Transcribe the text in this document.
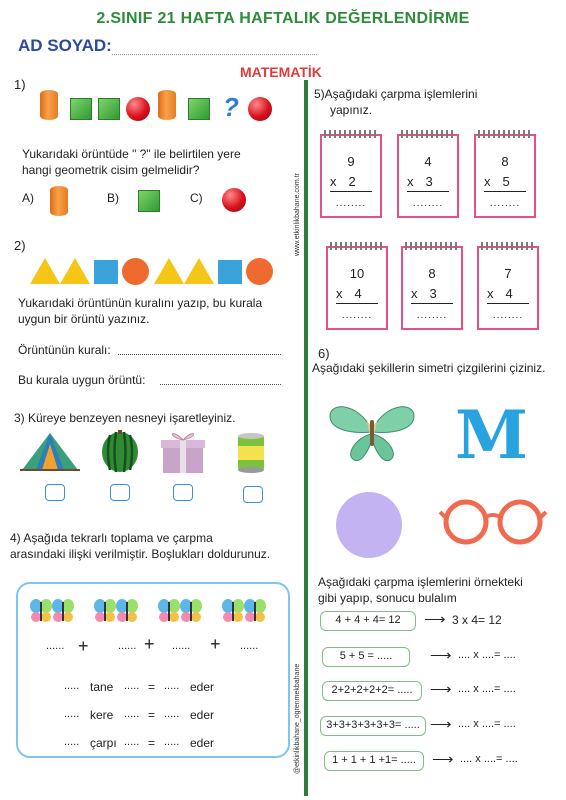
2.SINIF 21 HAFTA HAFTALIK DEĞERLENDİRME
AD SOYAD:
MATEMATİK
www.etkinlikbahane.com.tr
@etkinlikbahane_ogrenmekbahane
1)
?
Yukarıdaki örüntüde " ?" ile belirtilen yere
hangi geometrik cisim gelmelidir?
A)	B)	C)
2)
Yukarıdaki örüntünün kuralını yazıp, bu kurala
uygun bir örüntü yazınız.
Örüntünün kuralı:
Bu kurala uygun örüntü:
3) Küreye benzeyen nesneyi işaretleyiniz.
4) Aşağıda tekrarlı toplama ve çarpma
arasındaki ilişki verilmiştir. Boşlukları doldurunuz.
...... +	...... + ...... + ......
..... tane ..... = ..... eder
..... kere ..... = ..... eder
..... çarpı ..... = ..... eder
5)Aşağıdaki çarpma işlemlerini
yapınız.
9
x 2
........
4
x 3
........
8
x 5
........
10
x 4
........
8
x 3
........
7
x 4
........
6)
Aşağıdaki şekillerin simetri çizgilerini çiziniz.
M
Aşağıdaki çarpma işlemlerini örnekteki
gibi yapıp, sonucu bulalım
4 + 4 + 4= 12	⟶ 3 x 4= 12
5 + 5 = .....	⟶ .... x ....= ....
2+2+2+2+2= .....	⟶ .... x ....= ....
3+3+3+3+3+3= ..... ⟶ .... x ....= ....
1 + 1 + 1 +1= .....	⟶ .... x ....= ....
